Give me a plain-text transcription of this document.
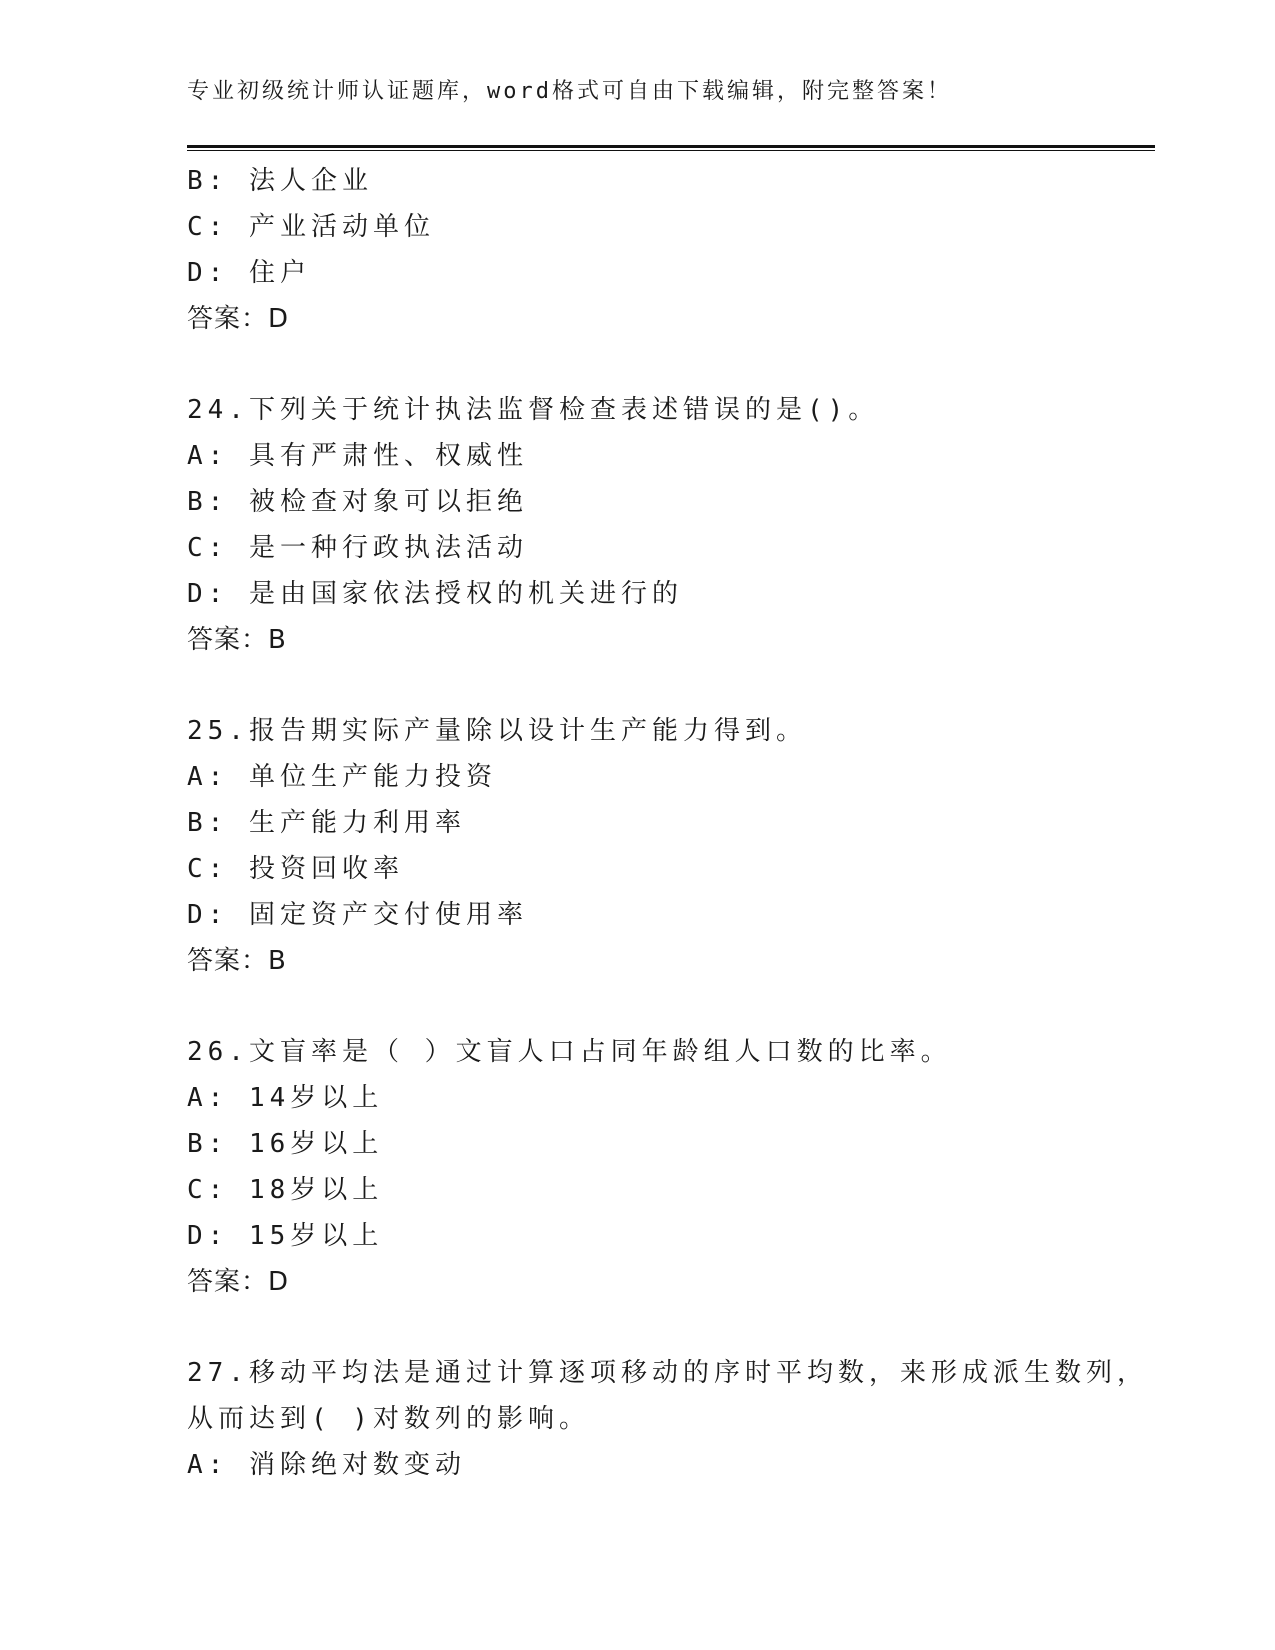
专业初级统计师认证题库，word格式可自由下载编辑，附完整答案！
B: 法人企业
C: 产业活动单位
D: 住户
答案：D
24.下列关于统计执法监督检查表述错误的是()。
A: 具有严肃性、权威性
B: 被检查对象可以拒绝
C: 是一种行政执法活动
D: 是由国家依法授权的机关进行的
答案：B
25.报告期实际产量除以设计生产能力得到。
A: 单位生产能力投资
B: 生产能力利用率
C: 投资回收率
D: 固定资产交付使用率
答案：B
26.文盲率是（ ）文盲人口占同年龄组人口数的比率。
A: 14岁以上
B: 16岁以上
C: 18岁以上
D: 15岁以上
答案：D
27.移动平均法是通过计算逐项移动的序时平均数，来形成派生数列，
从而达到( )对数列的影响。
A: 消除绝对数变动
